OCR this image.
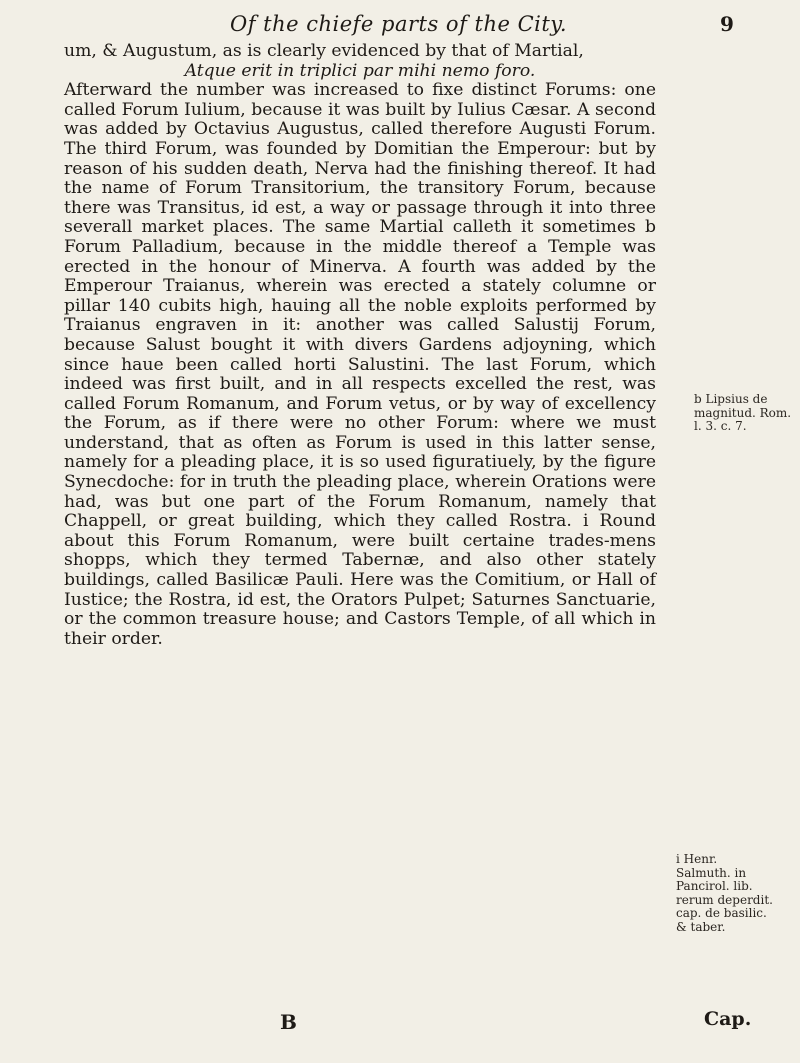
Of the chiefe parts of the City.	9

um, & Augustum, as is clearly evidenced by that of Martial,

Atque erit in triplici par mihi nemo foro.

Afterward the number was increased to fixe distinct Forums: one called Forum Iulium, because it was built by Iulius Cæsar. A second was added by Octavius Augustus, called therefore Augusti Forum. The third Forum, was founded by Domitian the Emperour: but by reason of his sudden death, Nerva had the finishing thereof. It had the name of Forum Transitorium, the transitory Forum, because there was Transitus, id est, a way or passage through it into three severall market places. The same Martial calleth it sometimes b Forum Palladium, because in the middle thereof a Temple was erected in the honour of Minerva. A fourth was added by the Emperour Traianus, wherein was erected a stately columne or pillar 140 cubits high, hauing all the noble exploits performed by Traianus engraven in it: another was called Salustij Forum, because Salust bought it with divers Gardens adjoyning, which since haue been called horti Salustini. The last Forum, which indeed was first built, and in all respects excelled the rest, was called Forum Romanum, and Forum vetus, or by way of excellency the Forum, as if there were no other Forum: where we must understand, that as often as Forum is used in this latter sense, namely for a pleading place, it is so used figuratiuely, by the figure Synecdoche: for in truth the pleading place, wherein Orations were had, was but one part of the Forum Romanum, namely that Chappell, or great building, which they called Rostra. i Round about this Forum Romanum, were built certaine trades-mens shopps, which they termed Tabernæ, and also other stately buildings, called Basilicæ Pauli. Here was the Comitium, or Hall of Iustice; the Rostra, id est, the Orators Pulpet; Saturnes Sanctuarie, or the common treasure house; and Castors Temple, of all which in their order.

b Lipsius de magnitud. Rom. l. 3. c. 7.
i Henr. Salmuth. in Pancirol. lib. rerum deperdit. cap. de basilic. & taber.
B	Cap.
